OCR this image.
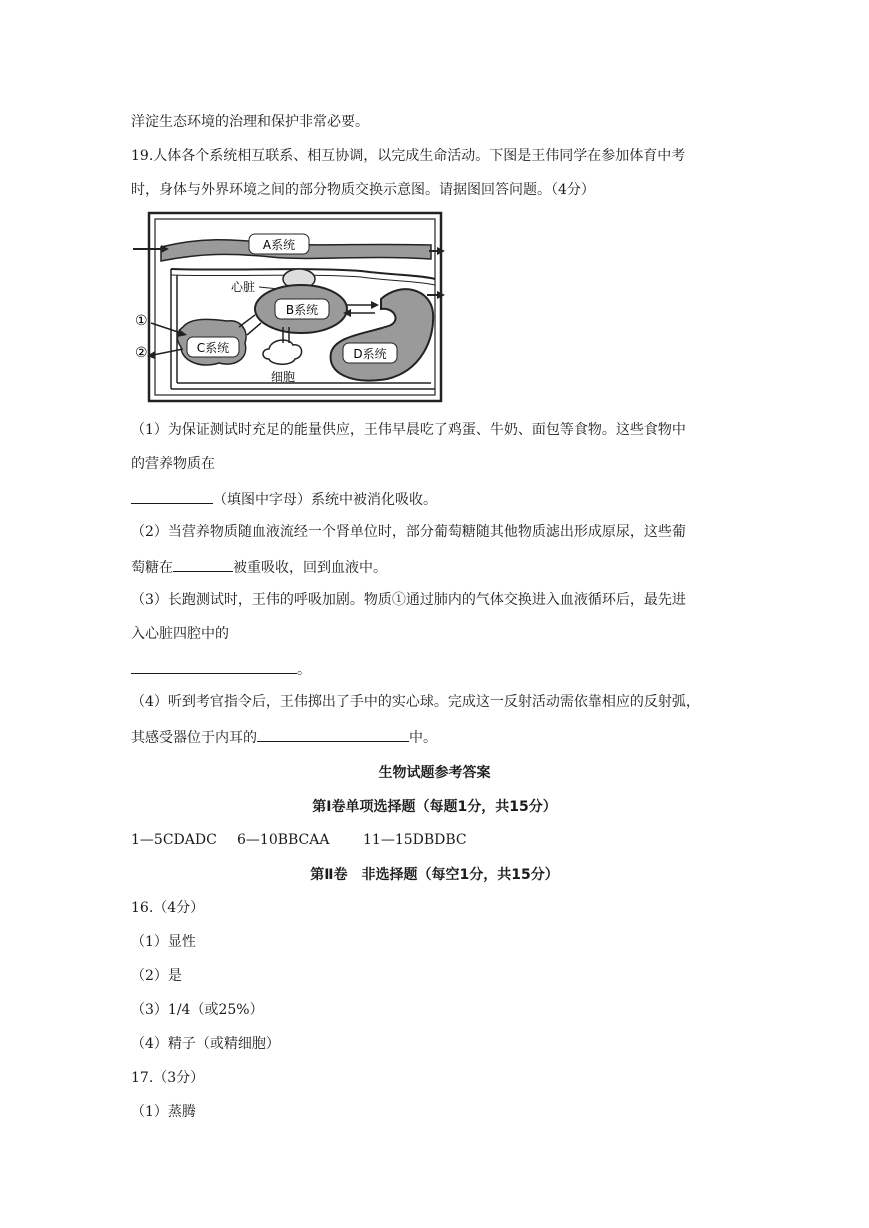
洋淀生态环境的治理和保护非常必要。
19.人体各个系统相互联系、相互协调，以完成生命活动。下图是王伟同学在参加体育中考
时，身体与外界环境之间的部分物质交换示意图。请据图回答问题。（4分）
A系统
心脏
B系统
C系统
①
②
细胞
D系统
（1）为保证测试时充足的能量供应，王伟早晨吃了鸡蛋、牛奶、面包等食物。这些食物中
的营养物质在
（填图中字母）系统中被消化吸收。
（2）当营养物质随血液流经一个肾单位时，部分葡萄糖随其他物质滤出形成原尿，这些葡
萄糖在	被重吸收，回到血液中。
（3）长跑测试时，王伟的呼吸加剧。物质①通过肺内的气体交换进入血液循环后，最先进
入心脏四腔中的
。
（4）听到考官指令后，王伟掷出了手中的实心球。完成这一反射活动需依靠相应的反射弧，
其感受器位于内耳的	中。
生物试题参考答案
第Ⅰ卷单项选择题（每题1分，共15分）
1—5CDADC 6—10BBCAA 11—15DBDBC
第Ⅱ卷　非选择题（每空1分，共15分）
16.（4分）
（1）显性
（2）是
（3）1/4（或25%）
（4）精子（或精细胞）
17.（3分）
（1）蒸腾
